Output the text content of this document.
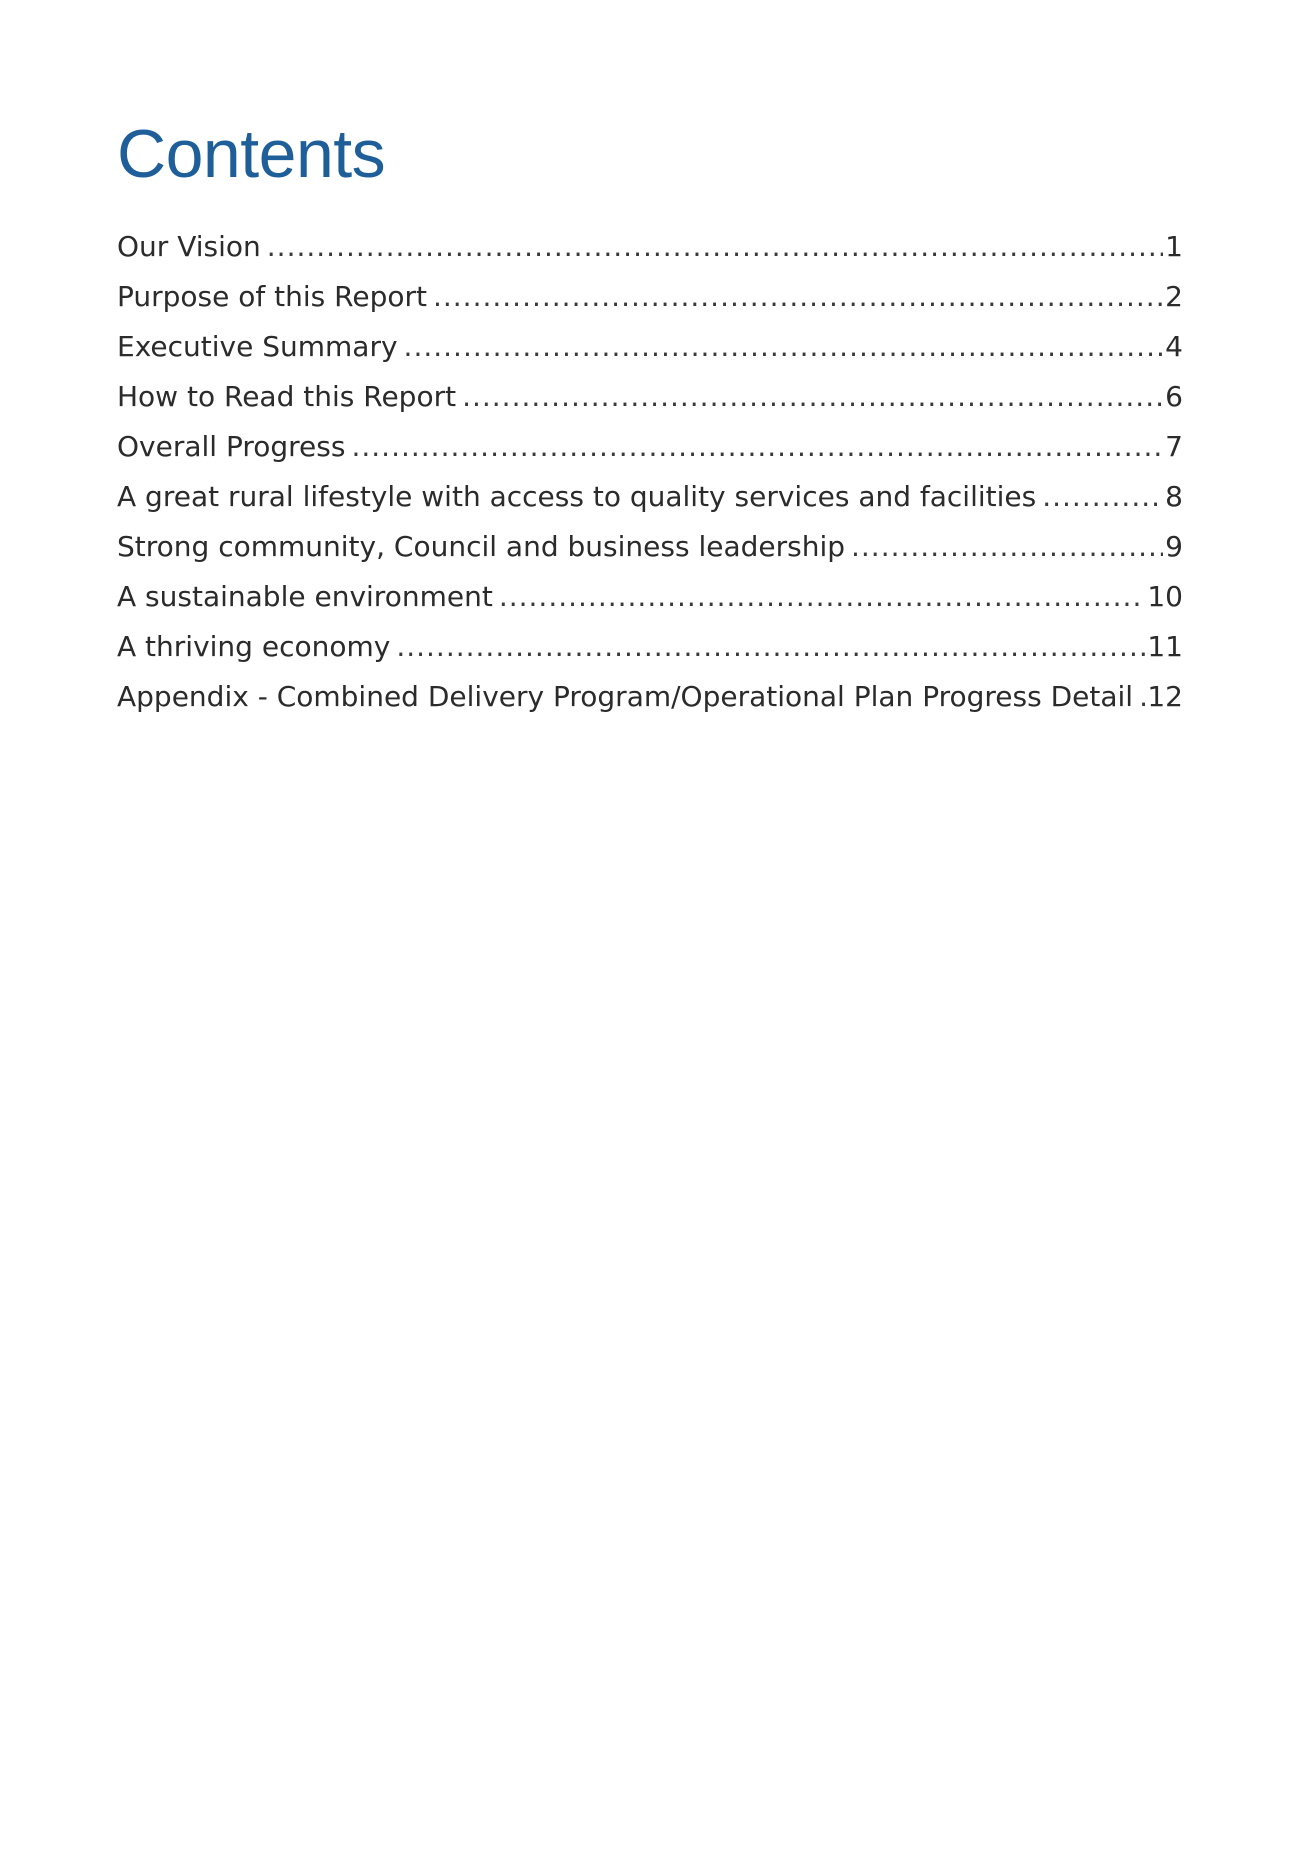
Contents
Our Vision .....	1
Purpose of this Report .....	2
Executive Summary .....	4
How to Read this Report .....	6
Overall Progress .....	7
A great rural lifestyle with access to quality services and facilities .....	8
Strong community, Council and business leadership .....	9
A sustainable environment .....	10
A thriving economy .....	11
Appendix - Combined Delivery Program/Operational Plan Progress Detail ..... 12
